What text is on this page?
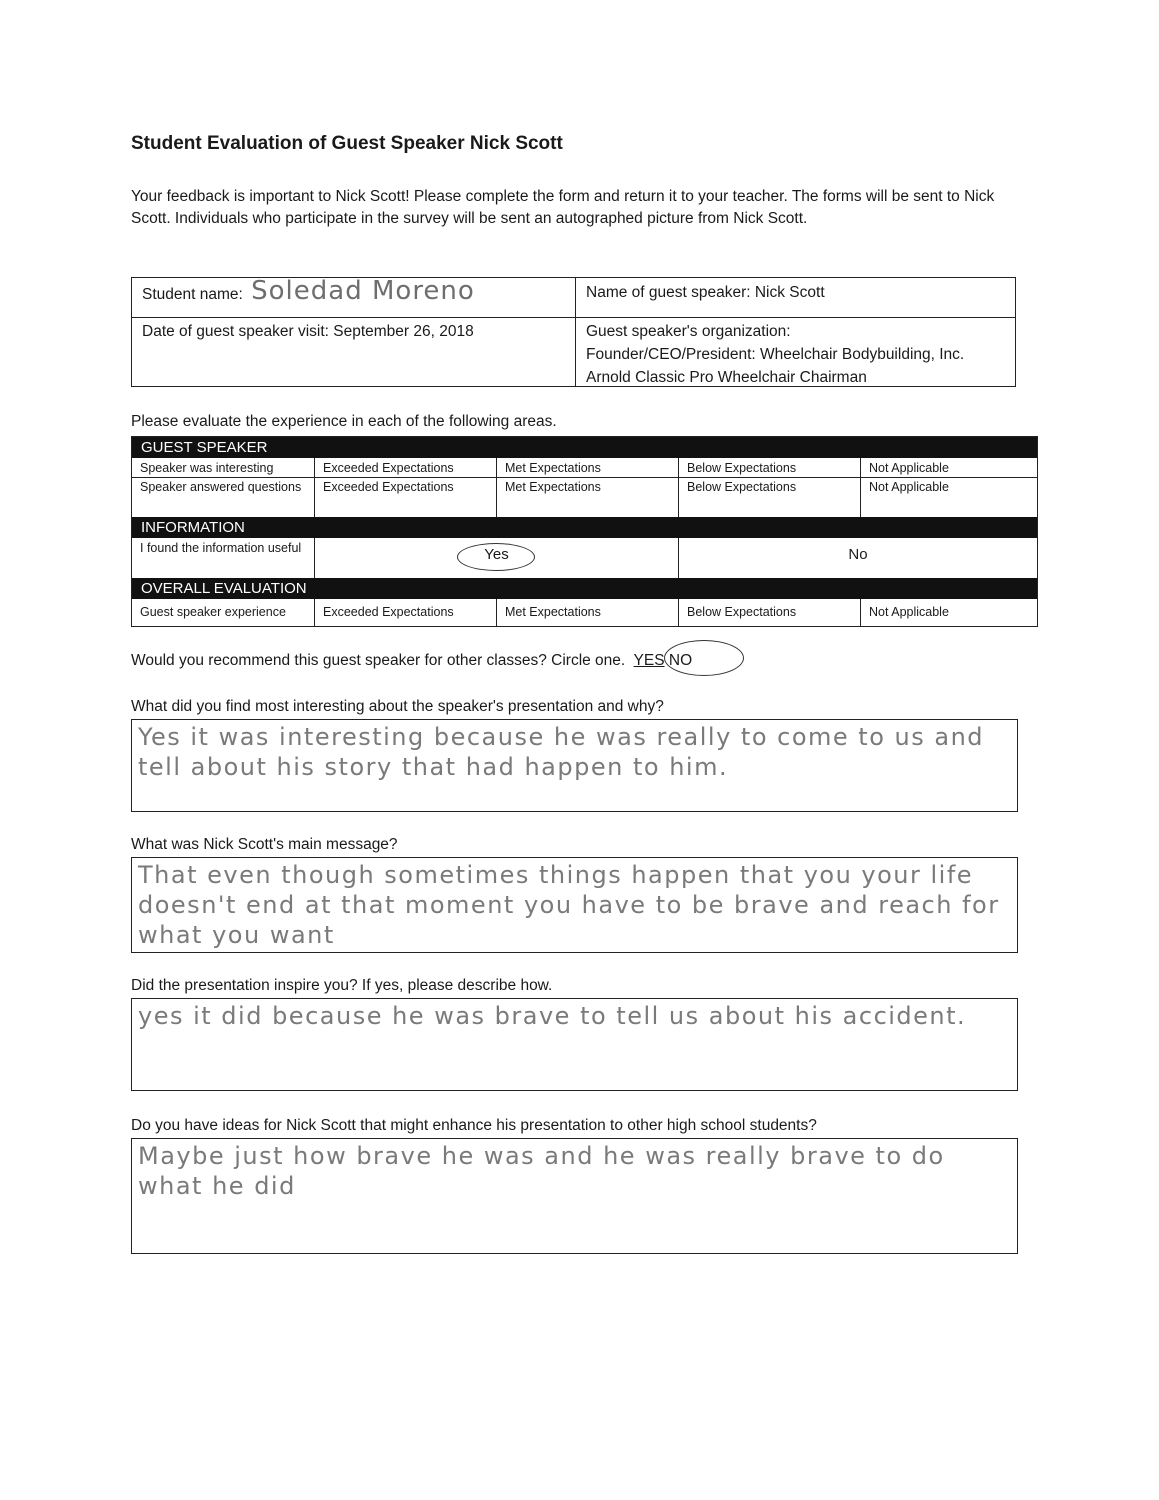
Student Evaluation of Guest Speaker Nick Scott
Your feedback is important to Nick Scott! Please complete the form and return it to your teacher. The forms will be sent to Nick Scott. Individuals who participate in the survey will be sent an autographed picture from Nick Scott.
Student name: Soledad Moreno	Name of guest speaker: Nick Scott
Date of guest speaker visit: September 26, 2018	Guest speaker's organization:
Founder/CEO/President: Wheelchair Bodybuilding, Inc.
Arnold Classic Pro Wheelchair Chairman
Please evaluate the experience in each of the following areas.
GUEST SPEAKER
Speaker was interesting	Exceeded Expectations	Met Expectations	Below Expectations	Not Applicable
Speaker answered questions	Exceeded Expectations	Met Expectations	Below Expectations	Not Applicable
INFORMATION
I found the information useful	Yes	No
OVERALL EVALUATION
Guest speaker experience	Exceeded Expectations	Met Expectations	Below Expectations	Not Applicable
Would you recommend this guest speaker for other classes? Circle one. YES NO
What did you find most interesting about the speaker's presentation and why?
Yes it was interesting because he was really to come to us and tell about his story that had happen to him.
What was Nick Scott's main message?
That even though sometimes things happen that you your life doesn't end at that moment you have to be brave and reach for what you want
Did the presentation inspire you? If yes, please describe how.
yes it did because he was brave to tell us about his accident.
Do you have ideas for Nick Scott that might enhance his presentation to other high school students?
Maybe just how brave he was and he was really brave to do what he did
